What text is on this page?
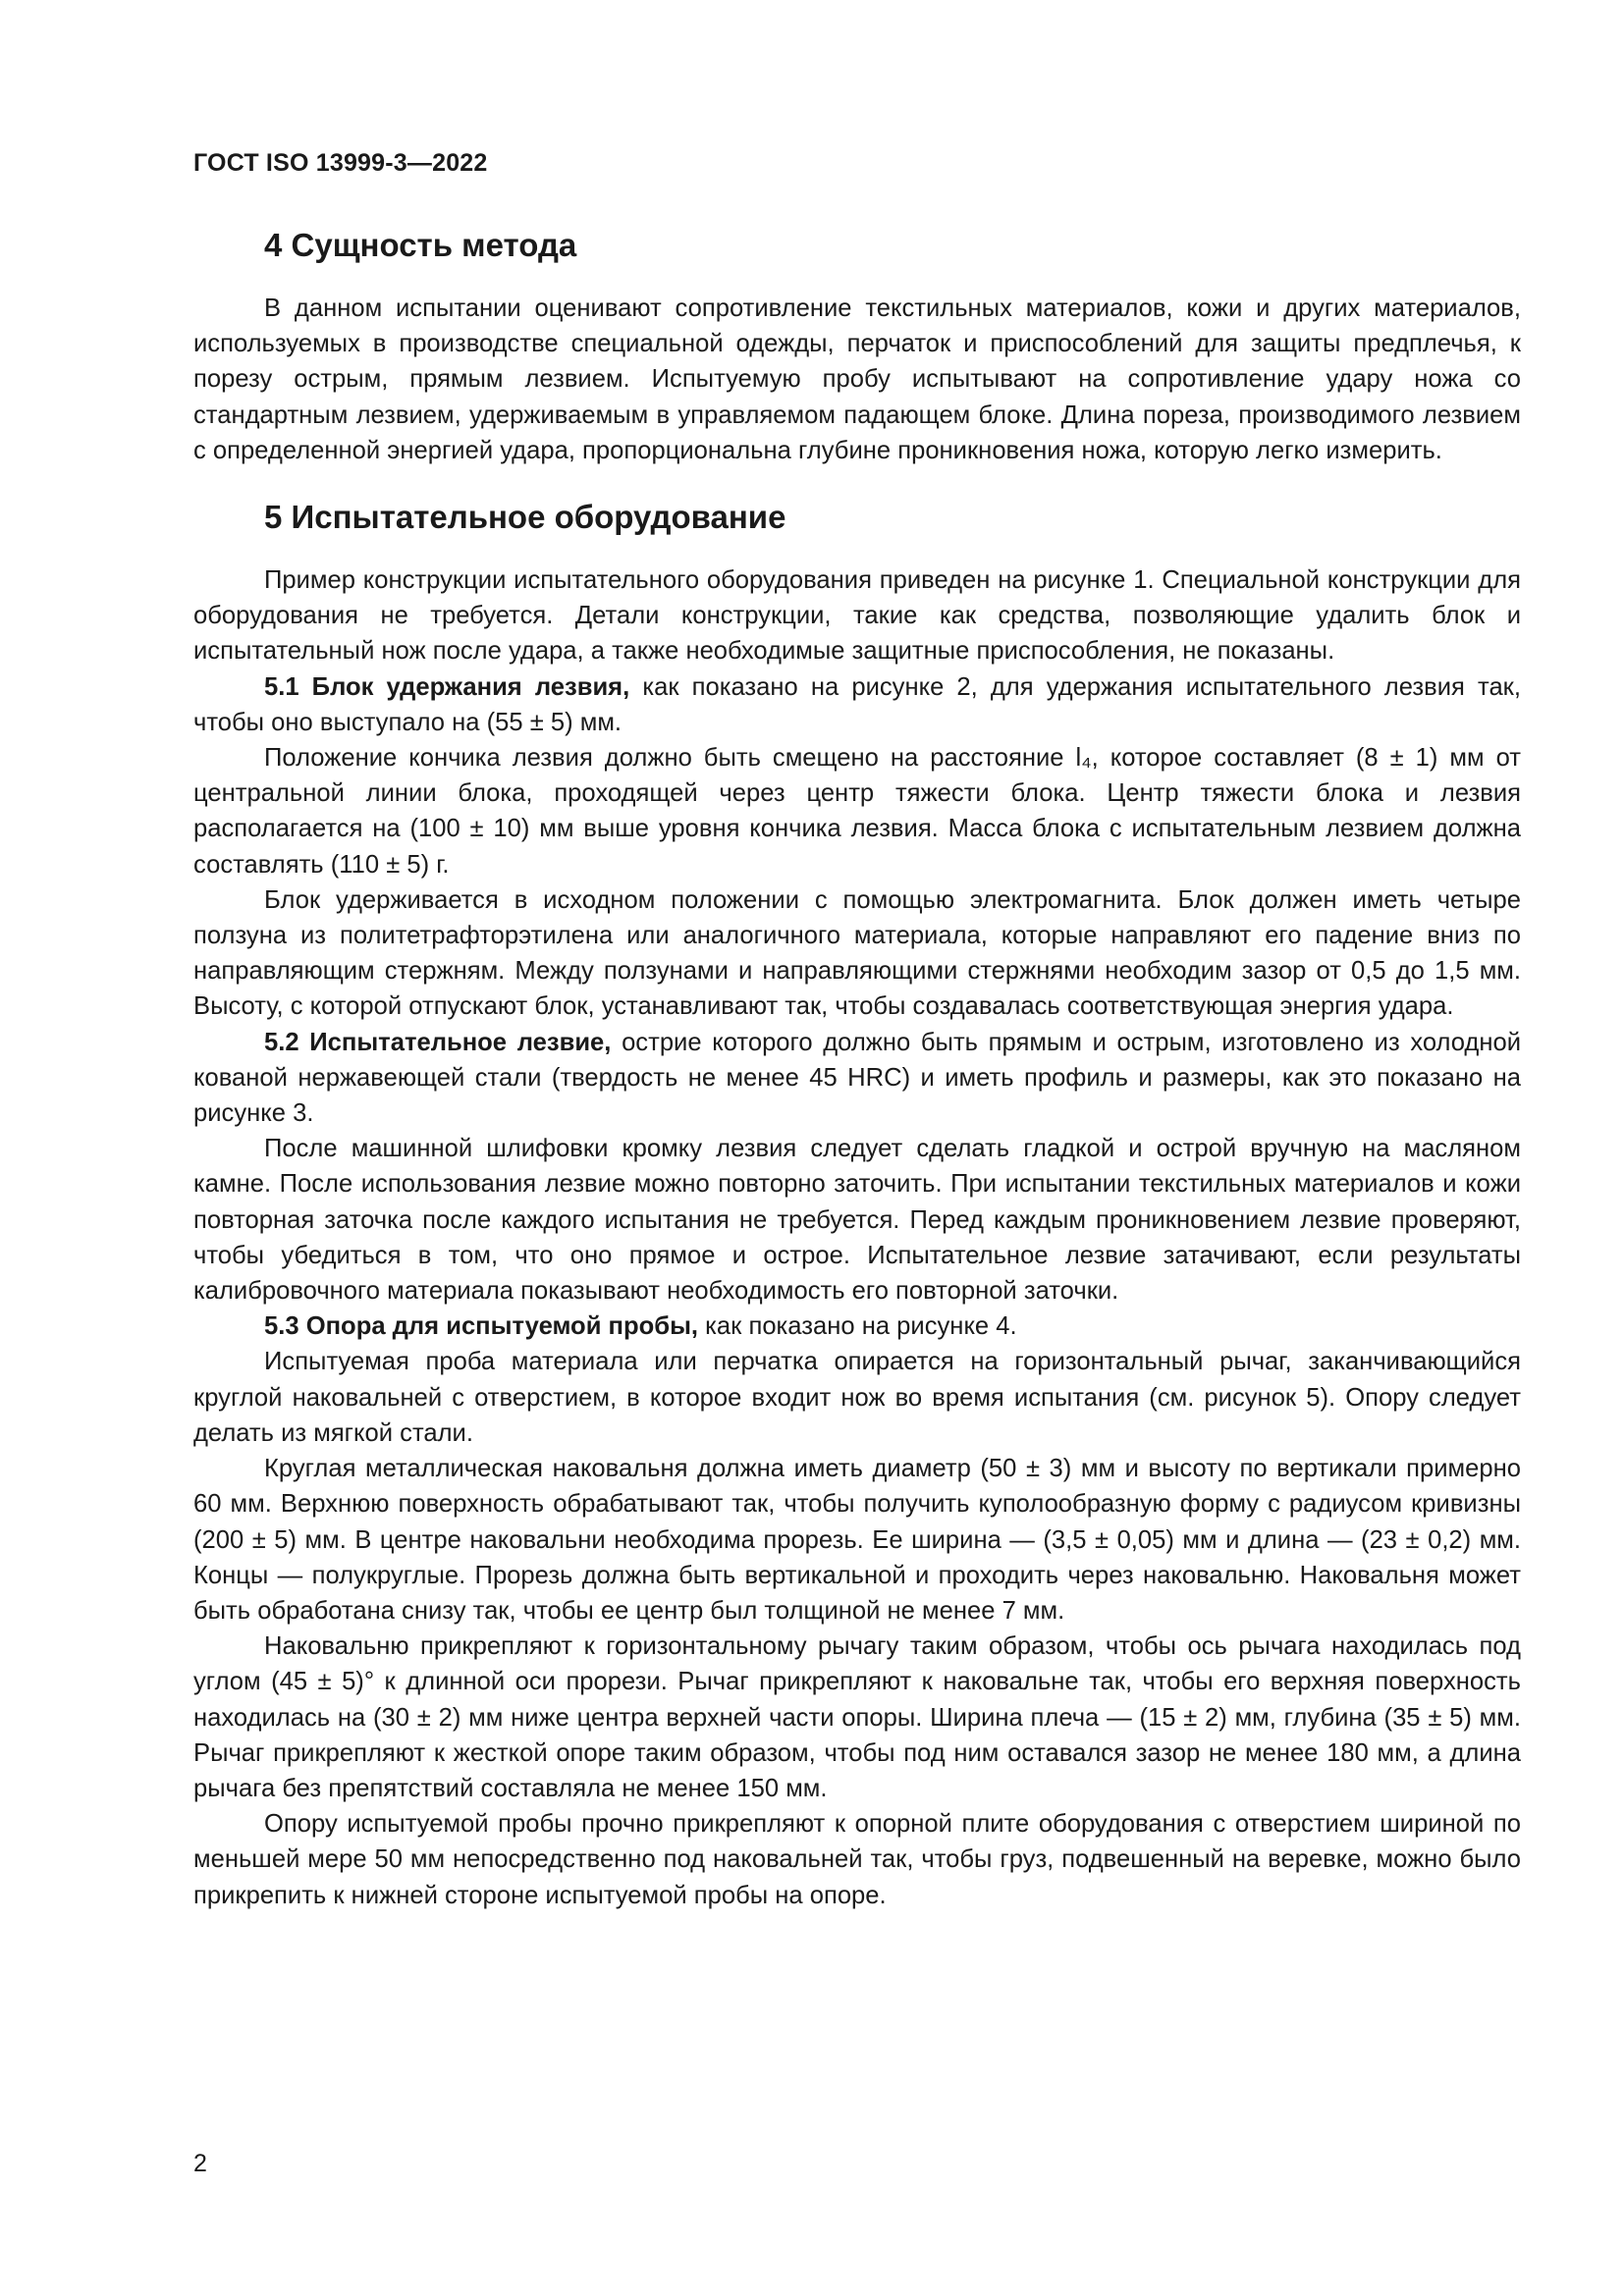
ГОСТ ISO 13999-3—2022
4 Сущность метода

В данном испытании оценивают сопротивление текстильных материалов, кожи и других материалов, используемых в производстве специальной одежды, перчаток и приспособлений для защиты предплечья, к порезу острым, прямым лезвием. Испытуемую пробу испытывают на сопротивление удару ножа со стандартным лезвием, удерживаемым в управляемом падающем блоке. Длина пореза, производимого лезвием с определенной энергией удара, пропорциональна глубине проникновения ножа, которую легко измерить.

5 Испытательное оборудование

Пример конструкции испытательного оборудования приведен на рисунке 1. Специальной конструкции для оборудования не требуется. Детали конструкции, такие как средства, позволяющие удалить блок и испытательный нож после удара, а также необходимые защитные приспособления, не показаны.

5.1 Блок удержания лезвия, как показано на рисунке 2, для удержания испытательного лезвия так, чтобы оно выступало на (55 ± 5) мм.

Положение кончика лезвия должно быть смещено на расстояние l₄, которое составляет (8 ± 1) мм от центральной линии блока, проходящей через центр тяжести блока. Центр тяжести блока и лезвия располагается на (100 ± 10) мм выше уровня кончика лезвия. Масса блока с испытательным лезвием должна составлять (110 ± 5) г.

Блок удерживается в исходном положении с помощью электромагнита. Блок должен иметь четыре ползуна из политетрафторэтилена или аналогичного материала, которые направляют его падение вниз по направляющим стержням. Между ползунами и направляющими стержнями необходим зазор от 0,5 до 1,5 мм. Высоту, с которой отпускают блок, устанавливают так, чтобы создавалась соответствующая энергия удара.

5.2 Испытательное лезвие, острие которого должно быть прямым и острым, изготовлено из холодной кованой нержавеющей стали (твердость не менее 45 HRC) и иметь профиль и размеры, как это показано на рисунке 3.

После машинной шлифовки кромку лезвия следует сделать гладкой и острой вручную на масляном камне. После использования лезвие можно повторно заточить. При испытании текстильных материалов и кожи повторная заточка после каждого испытания не требуется. Перед каждым проникновением лезвие проверяют, чтобы убедиться в том, что оно прямое и острое. Испытательное лезвие затачивают, если результаты калибровочного материала показывают необходимость его повторной заточки.

5.3 Опора для испытуемой пробы, как показано на рисунке 4.

Испытуемая проба материала или перчатка опирается на горизонтальный рычаг, заканчивающийся круглой наковальней с отверстием, в которое входит нож во время испытания (см. рисунок 5). Опору следует делать из мягкой стали.

Круглая металлическая наковальня должна иметь диаметр (50 ± 3) мм и высоту по вертикали примерно 60 мм. Верхнюю поверхность обрабатывают так, чтобы получить куполообразную форму с радиусом кривизны (200 ± 5) мм. В центре наковальни необходима прорезь. Ее ширина — (3,5 ± 0,05) мм и длина — (23 ± 0,2) мм. Концы — полукруглые. Прорезь должна быть вертикальной и проходить через наковальню. Наковальня может быть обработана снизу так, чтобы ее центр был толщиной не менее 7 мм.

Наковальню прикрепляют к горизонтальному рычагу таким образом, чтобы ось рычага находилась под углом (45 ± 5)° к длинной оси прорези. Рычаг прикрепляют к наковальне так, чтобы его верхняя поверхность находилась на (30 ± 2) мм ниже центра верхней части опоры. Ширина плеча — (15 ± 2) мм, глубина (35 ± 5) мм. Рычаг прикрепляют к жесткой опоре таким образом, чтобы под ним оставался зазор не менее 180 мм, а длина рычага без препятствий составляла не менее 150 мм.

Опору испытуемой пробы прочно прикрепляют к опорной плите оборудования с отверстием шириной по меньшей мере 50 мм непосредственно под наковальней так, чтобы груз, подвешенный на веревке, можно было прикрепить к нижней стороне испытуемой пробы на опоре.

2
